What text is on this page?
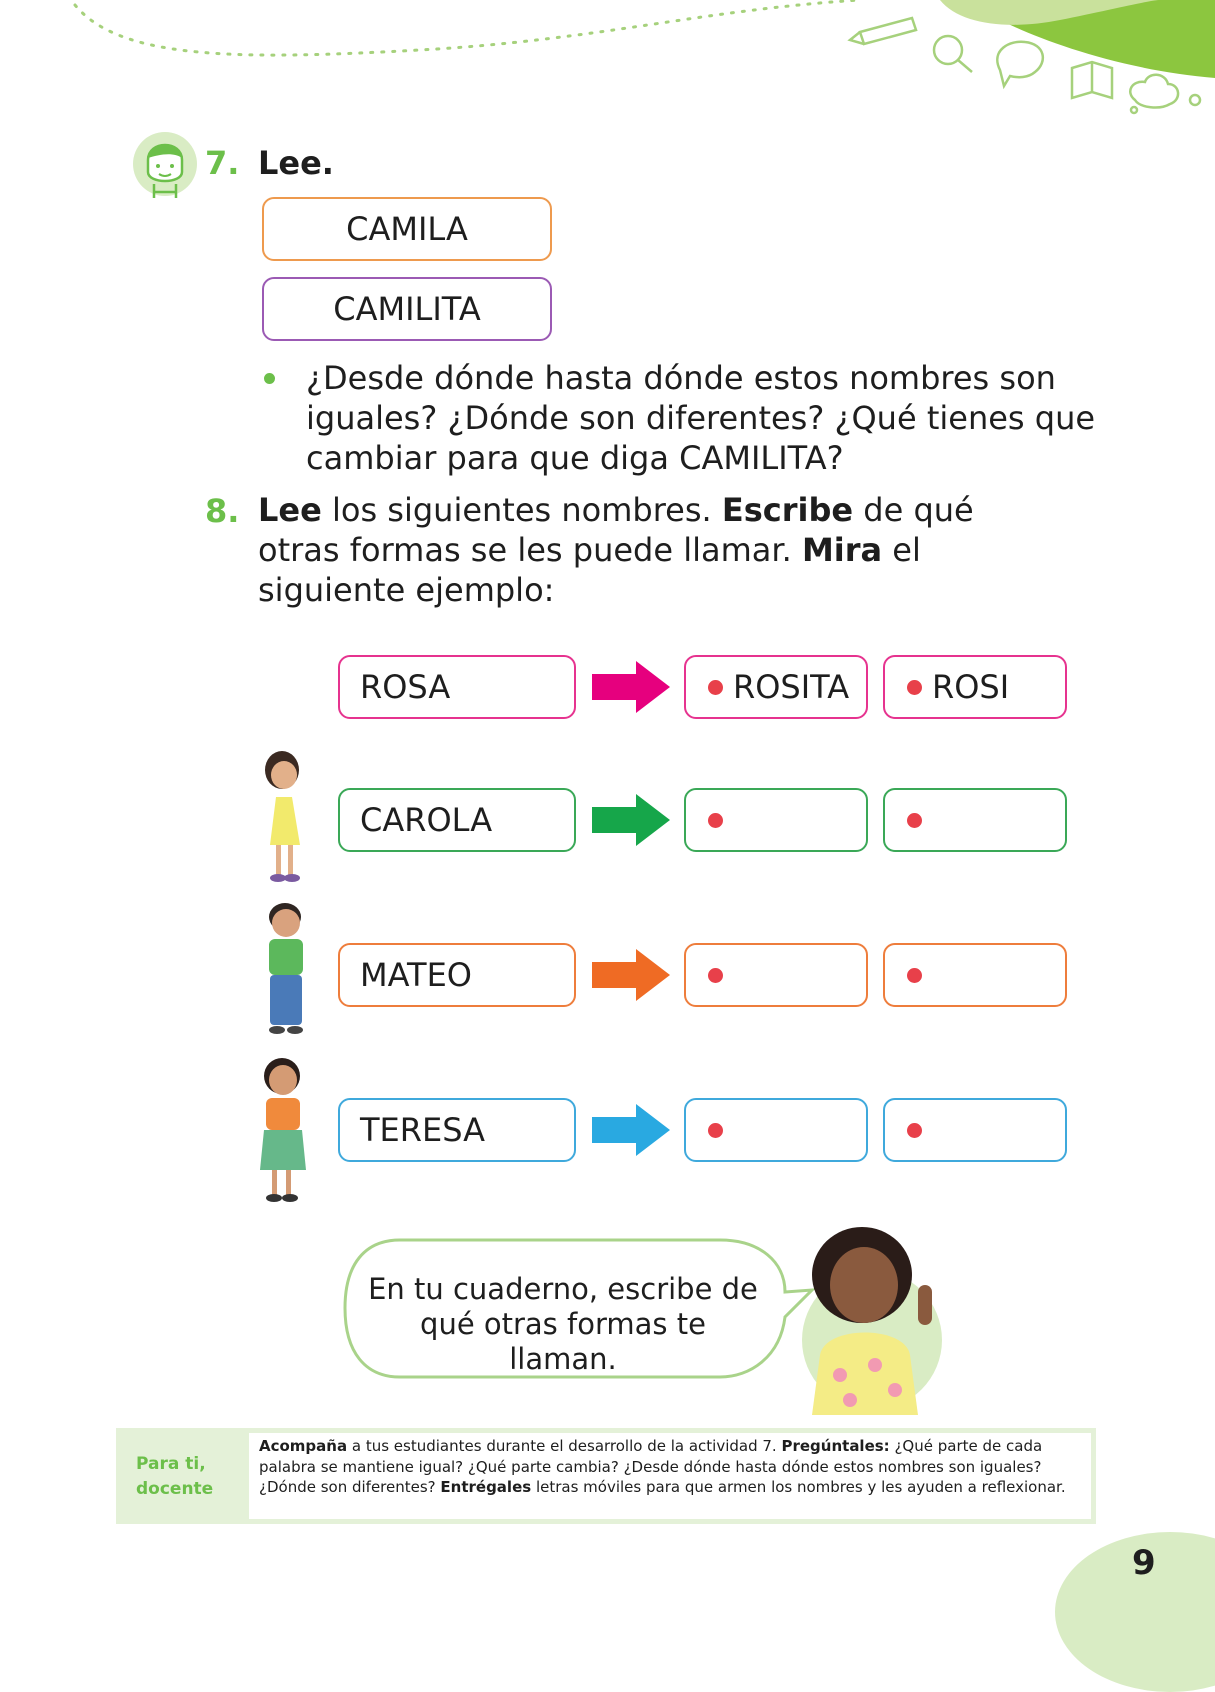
7. Lee.
CAMILA
CAMILITA
¿Desde dónde hasta dónde estos nombres son iguales? ¿Dónde son diferentes? ¿Qué tienes que cambiar para que diga CAMILITA?
8. Lee los siguientes nombres. Escribe de qué otras formas se les puede llamar. Mira el siguiente ejemplo:
ROSA	ROSITA	ROSI
CAROLA
MATEO
TERESA
En tu cuaderno, escribe de qué otras formas te llaman.
Para ti, docente
Acompaña a tus estudiantes durante el desarrollo de la actividad 7. Pregúntales: ¿Qué parte de cada palabra se mantiene igual? ¿Qué parte cambia? ¿Desde dónde hasta dónde estos nombres son iguales? ¿Dónde son diferentes? Entrégales letras móviles para que armen los nombres y les ayuden a reflexionar.
9
